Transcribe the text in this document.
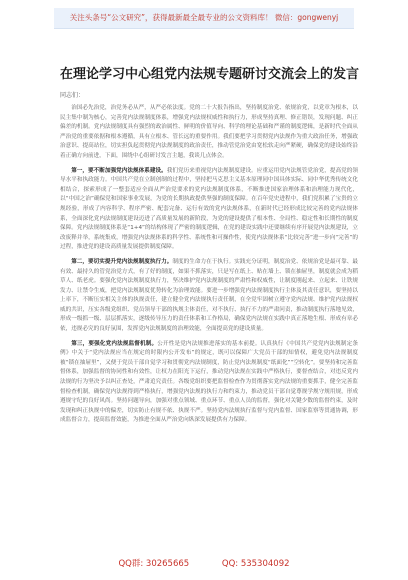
关注头条号“公文研究”，获得最新最全最专业的公文资料库！ 微信：gongwenyj
在理论学习中心组党内法规专题研讨交流会上的发言
同志们：

治国必先治党，治党务必从严，从严必依法度。党的二十大报告指出，坚持制度治党、依规治党，以党章为根本，以民主集中制为核心，完善党内法规制度体系，增强党内法规权威性和执行力，形成坚持真理、修正错误，发现问题、纠正偏差的机制。党内法规制度具有强烈的政治属性、鲜明的价值导向、科学的理论基础和严谨的制度逻辑，是新时代全面从严治党的重要依据和根本遵循，具有立根本、管长远的重要作用。我们要把学习贯彻党内法规作为重大政治任务，增强政治意识、提高站位，切实担负起贯彻党内法规制度的政治责任，推动管党治党由宽松软走向严紧硬，确保党的建设始终沿着正确方向前进，下面，围绕中心组研讨发言主题，我谈几点体会。

第一，要不断加强党内法规体系建设。我们党历来重视党内法规制度建设。应重运用党内法规管党治党，提高党的领导水平和执政能力。中国共产党在立制创制的过程中，坚持把马克思主义基本原理同中国具体实际、同中华优秀传统文化相结合，探索形成了一整套适应全面从严治党要求的党内法规制度体系，不断推进国家治理体系和治理能力现代化，以“中国之治”确保党和国家事业发展，为党的长期执政提供坚强的制度保障。在百年党史进程中，我们党积累了宝贵的立规经验，形成了内容科学、程序严密、配套完备、运行有效的党内法规体系，在新时代已经形成比较完善的党内法规体系，全面深化党内法规制度建设迈进了高质量发展的新阶段，为党的建设提供了根本性、全局性、稳定性和长期性的制度保障。党内法规制度体系是“1+4”的结构体现了严密的制度逻辑，在党的建设实践中还要继续有序开展党内法规建设，立改废释并举，系统集成，增强党内法规体系的科学性、系统性和可操作性，使党内法规体系“比较完善”进一步向“完善”的过程，推进党的建设高质量发展提供制度保障。

第二，要切实提升党内法规制度执行力。制度的生命力在于执行。实践充分证明，制度治党、依规治党是最可靠、最有效、最持久的管党治党方式，有了好的制度，如果不抓落实，只是写在纸上、贴在墙上、锁在抽屉里，制度就会成为稻草人、纸老虎。要强化党内法规制度执行力，坚决维护党内法规制度的严肃性和权威性，让制度刚起来、立起来、让铁规发力、让禁令生威，把党内法规制度优势转化为治理效能。要进一步增强党内法规制度执行主体及其责任意识，要坚持以上率下，不断压实相关主体的执规责任，建立健全党内法规执行责任制，在全党牢固树立遵守党内法规、维护党内法规权威的共识，压实各级党组织、党员领导干部的执规主体责任，对不执行、执行不力的严肃问责，推动制度执行落地见效，形成一级抓一级、层层抓落实，逐级传导压力的责任体系和工作格局，确保党内法规在实践中真正落地生根、形成有章必依，违规必究的良好氛围，发挥党内法规制度的治理效能，全面提高党的建设质量。

第三，要强化党内法规监督机制。公开性是党内法规推进落实的基本前提。认真执行《中国共产党党内法规制定条例》中关于“党内法规应当在规定的时限内公开发布”的规定，既可以保障广大党员干部的知情权，避免党内法规制度被“锁在抽屉里”，又便于党员干部自觉学习和贯彻党内法规制度，防止党内法规制度“纸面化”“空转化”。要坚持和完善监督体系，加强监督的协同性和有效性，让权力在阳光下运行，推动党内法规在实践中严格执行，要督查结合，对违反党内法规的行为坚决予以纠正查处，严肃追究责任。各级党组织要把监督检查作为贯彻落实党内法规的重要抓手，健全完善监督检查机制，确保党内法规得到严格执行，增强党内法规的执行力和约束力，推动党员干部自觉尊规学规守规用规，形成遵规守纪的良好风尚。坚持问题导向，加强对重点领域、重点环节、重点人员的监督，强化对关键少数的监督约束，及时发现和纠正执规中的偏差，切实防止有规不依、执规不严。坚持党内法规执行监督与党内监督、国家监察等贯通协调，形成监督合力，提高监督效能，为推进全面从严治党向纵深发展提供有力保障。

QQ群: 30265665	QQ: 535304092
